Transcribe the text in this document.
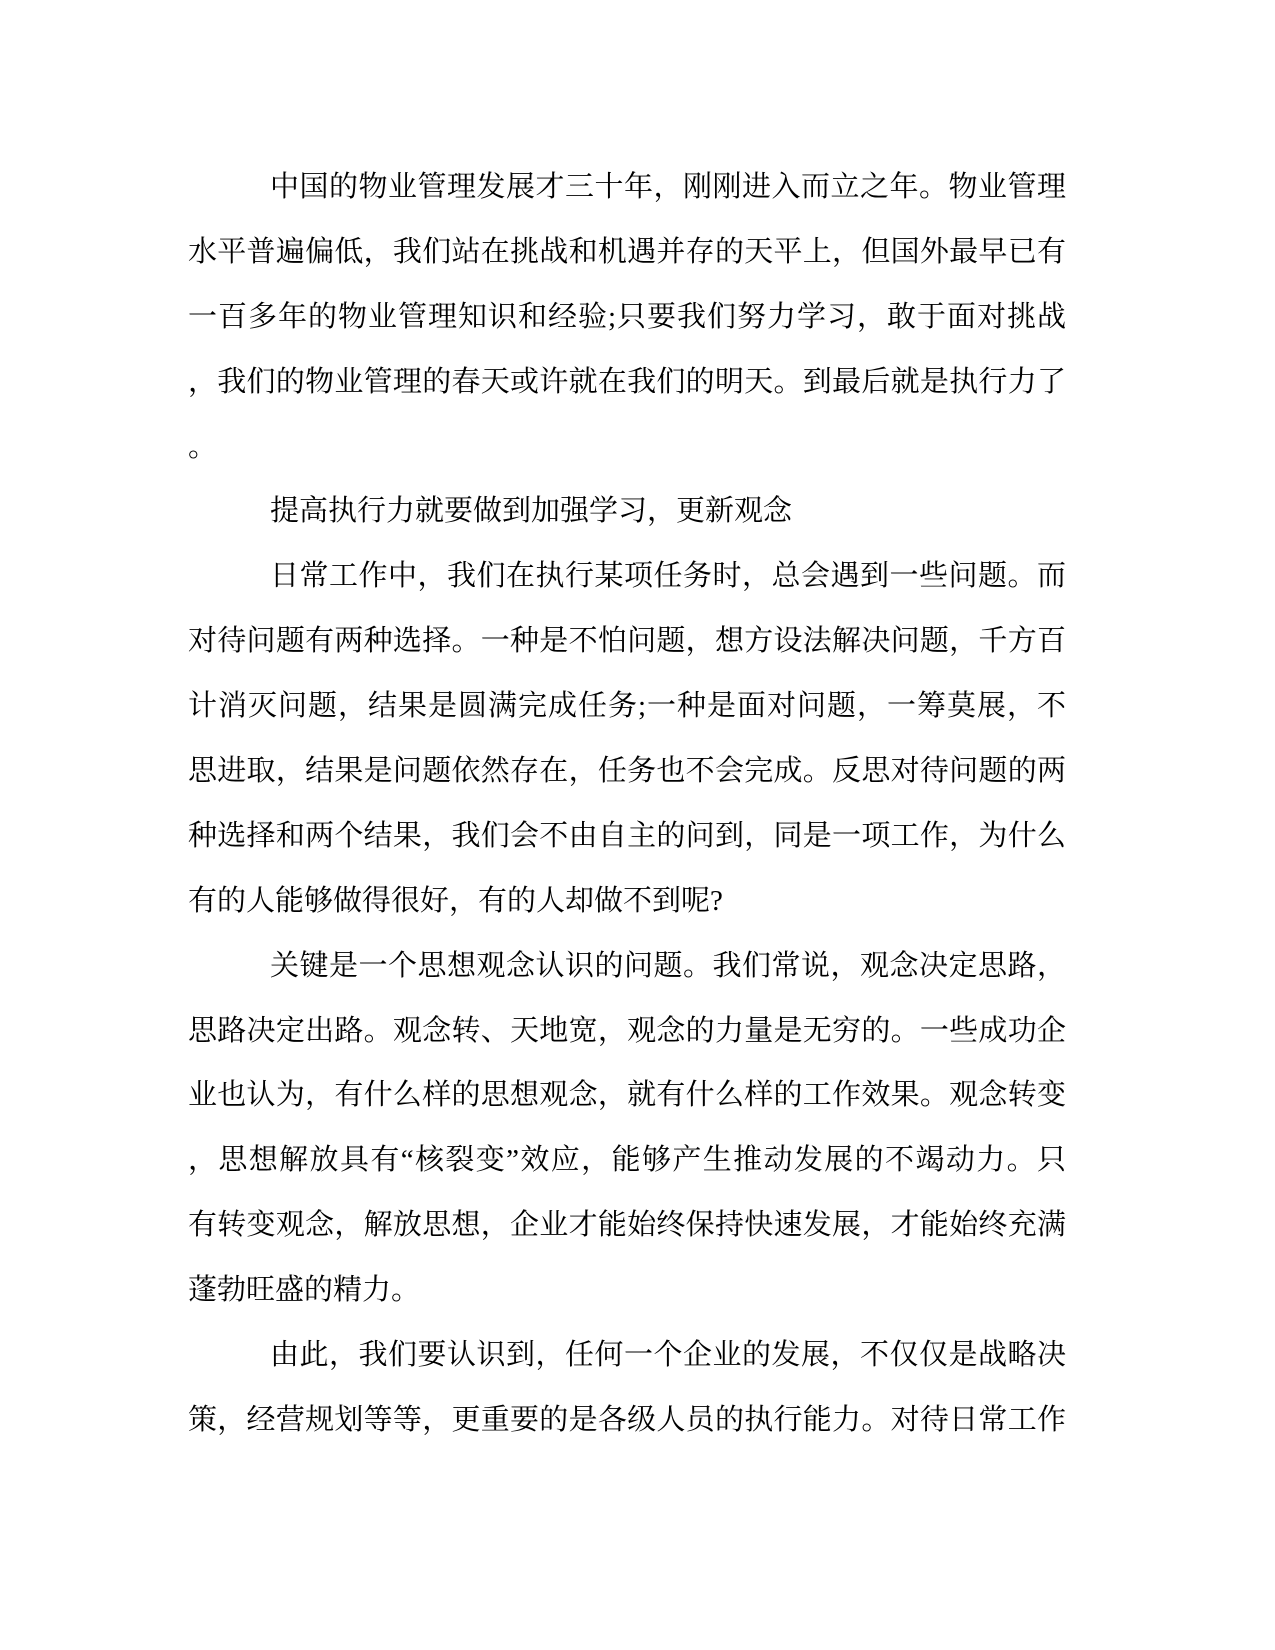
中国的物业管理发展才三十年，刚刚进入而立之年。物业管理
水平普遍偏低，我们站在挑战和机遇并存的天平上，但国外最早已有
一百多年的物业管理知识和经验;只要我们努力学习，敢于面对挑战
，我们的物业管理的春天或许就在我们的明天。到最后就是执行力了
。
提高执行力就要做到加强学习，更新观念
日常工作中，我们在执行某项任务时，总会遇到一些问题。而
对待问题有两种选择。一种是不怕问题，想方设法解决问题，千方百
计消灭问题，结果是圆满完成任务;一种是面对问题，一筹莫展，不
思进取，结果是问题依然存在，任务也不会完成。反思对待问题的两
种选择和两个结果，我们会不由自主的问到，同是一项工作，为什么
有的人能够做得很好，有的人却做不到呢?
关键是一个思想观念认识的问题。我们常说，观念决定思路，
思路决定出路。观念转、天地宽，观念的力量是无穷的。一些成功企
业也认为，有什么样的思想观念，就有什么样的工作效果。观念转变
，思想解放具有“核裂变”效应，能够产生推动发展的不竭动力。只
有转变观念，解放思想，企业才能始终保持快速发展，才能始终充满
蓬勃旺盛的精力。
由此，我们要认识到，任何一个企业的发展，不仅仅是战略决
策，经营规划等等，更重要的是各级人员的执行能力。对待日常工作
